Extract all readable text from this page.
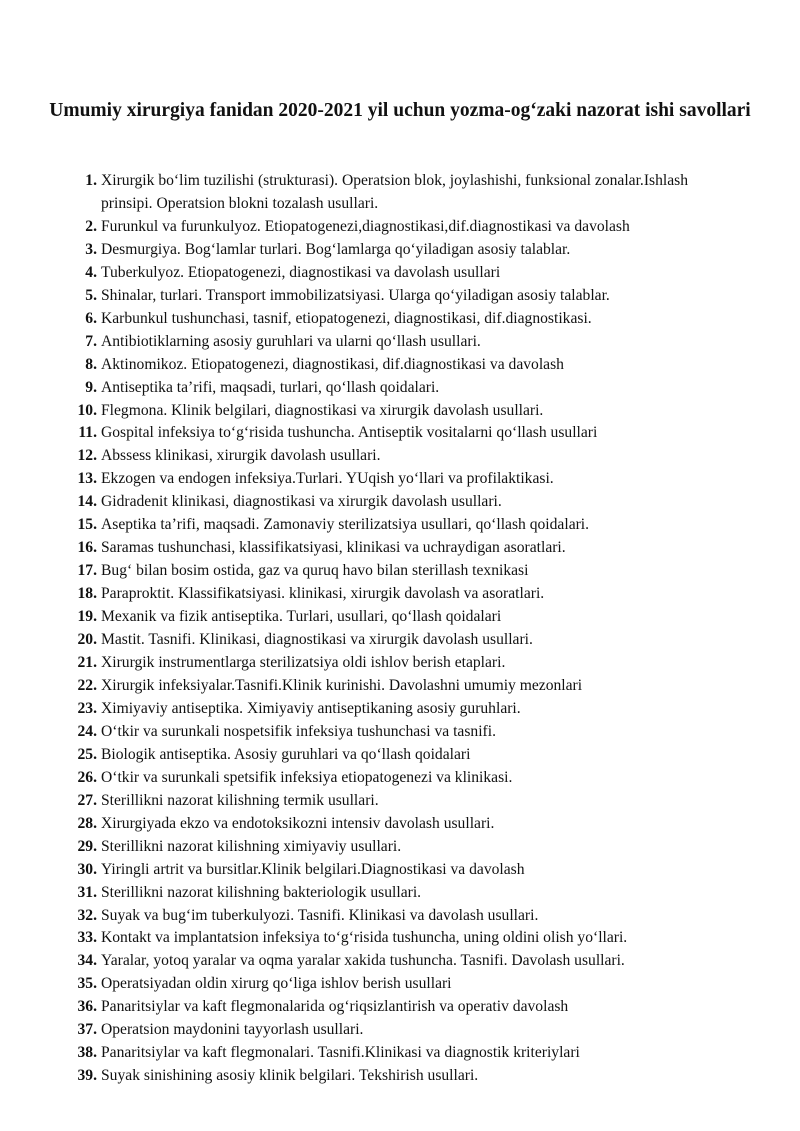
Umumiy xirurgiya fanidan 2020-2021 yil uchun yozma-og‘zaki nazorat ishi savollari
1. Xirurgik bo‘lim tuzilishi (strukturasi). Operatsion blok, joylashishi, funksional zonalar.Ishlash prinsipi. Operatsion blokni tozalash usullari.
2. Furunkul va furunkulyoz. Etiopatogenezi,diagnostikasi,dif.diagnostikasi va davolash
3. Desmurgiya. Bog‘lamlar turlari. Bog‘lamlarga qo‘yiladigan asosiy talablar.
4. Tuberkulyoz. Etiopatogenezi, diagnostikasi va davolash usullari
5. Shinalar, turlari. Transport immobilizatsiyasi. Ularga qo‘yiladigan asosiy talablar.
6. Karbunkul tushunchasi, tasnif, etiopatogenezi, diagnostikasi, dif.diagnostikasi.
7. Antibiotiklarning asosiy guruhlari va ularni qo‘llash usullari.
8. Aktinomikoz. Etiopatogenezi, diagnostikasi, dif.diagnostikasi va davolash
9. Antiseptika ta’rifi, maqsadi, turlari, qo‘llash qoidalari.
10. Flegmona. Klinik belgilari, diagnostikasi va xirurgik davolash usullari.
11. Gospital infeksiya to‘g‘risida tushuncha. Antiseptik vositalarni qo‘llash usullari
12. Abssess klinikasi, xirurgik davolash usullari.
13. Ekzogen va endogen infeksiya.Turlari. YUqish yo‘llari va profilaktikasi.
14. Gidradenit klinikasi, diagnostikasi va xirurgik davolash usullari.
15. Aseptika ta’rifi, maqsadi. Zamonaviy sterilizatsiya usullari, qo‘llash qoidalari.
16. Saramas tushunchasi, klassifikatsiyasi, klinikasi va uchraydigan asoratlari.
17. Bug‘ bilan bosim ostida, gaz va quruq havo bilan sterillash texnikasi
18. Paraproktit. Klassifikatsiyasi. klinikasi, xirurgik davolash va asoratlari.
19. Mexanik va fizik antiseptika. Turlari, usullari, qo‘llash qoidalari
20. Mastit. Tasnifi. Klinikasi, diagnostikasi va xirurgik davolash usullari.
21. Xirurgik instrumentlarga sterilizatsiya oldi ishlov berish etaplari.
22. Xirurgik infeksiyalar.Tasnifi.Klinik kurinishi. Davolashni umumiy mezonlari
23. Ximiyaviy antiseptika. Ximiyaviy antiseptikaning asosiy guruhlari.
24. O‘tkir va surunkali nospetsifik infeksiya tushunchasi va tasnifi.
25. Biologik antiseptika. Asosiy guruhlari va qo‘llash qoidalari
26. O‘tkir va surunkali spetsifik infeksiya etiopatogenezi va klinikasi.
27. Sterillikni nazorat kilishning termik usullari.
28. Xirurgiyada ekzo va endotoksikozni intensiv davolash usullari.
29. Sterillikni nazorat kilishning ximiyaviy usullari.
30. Yiringli artrit va bursitlar.Klinik belgilari.Diagnostikasi va davolash
31. Sterillikni nazorat kilishning bakteriologik usullari.
32. Suyak va bug‘im tuberkulyozi. Tasnifi. Klinikasi va davolash usullari.
33. Kontakt va implantatsion infeksiya to‘g‘risida tushuncha, uning oldini olish yo‘llari.
34. Yaralar, yotoq yaralar va oqma yaralar xakida tushuncha. Tasnifi. Davolash usullari.
35. Operatsiyadan oldin xirurg qo‘liga ishlov berish usullari
36. Panaritsiylar va kaft flegmonalarida og‘riqsizlantirish va operativ davolash
37. Operatsion maydonini tayyorlash usullari.
38. Panaritsiylar va kaft flegmonalari. Tasnifi.Klinikasi va diagnostik kriteriylari
39. Suyak sinishining asosiy klinik belgilari. Tekshirish usullari.
